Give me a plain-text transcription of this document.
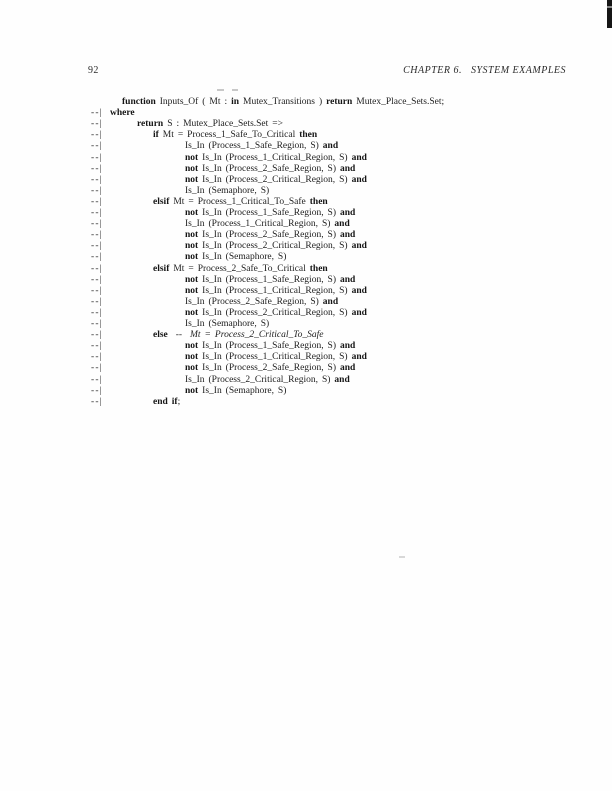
92	CHAPTER 6.   SYSTEM EXAMPLES
function Inputs_Of ( Mt : in Mutex_Transitions ) return Mutex_Place_Sets.Set;
--| where
--|	return S : Mutex_Place_Sets.Set =>
--|	if Mt = Process_1_Safe_To_Critical then
--|	Is_In (Process_1_Safe_Region, S) and
--|	not Is_In (Process_1_Critical_Region, S) and
--|	not Is_In (Process_2_Safe_Region, S) and
--|	not Is_In (Process_2_Critical_Region, S) and
--|	Is_In (Semaphore, S)
--|	elsif Mt = Process_1_Critical_To_Safe then
--|	not Is_In (Process_1_Safe_Region, S) and
--|	Is_In (Process_1_Critical_Region, S) and
--|	not Is_In (Process_2_Safe_Region, S) and
--|	not Is_In (Process_2_Critical_Region, S) and
--|	not Is_In (Semaphore, S)
--|	elsif Mt = Process_2_Safe_To_Critical then
--|	not Is_In (Process_1_Safe_Region, S) and
--|	not Is_In (Process_1_Critical_Region, S) and
--|	Is_In (Process_2_Safe_Region, S) and
--|	not Is_In (Process_2_Critical_Region, S) and
--|	Is_In (Semaphore, S)
--|	else  --  Mt = Process_2_Critical_To_Safe
--|	not Is_In (Process_1_Safe_Region, S) and
--|	not Is_In (Process_1_Critical_Region, S) and
--|	not Is_In (Process_2_Safe_Region, S) and
--|	Is_In (Process_2_Critical_Region, S) and
--|	not Is_In (Semaphore, S)
--|	end if;
